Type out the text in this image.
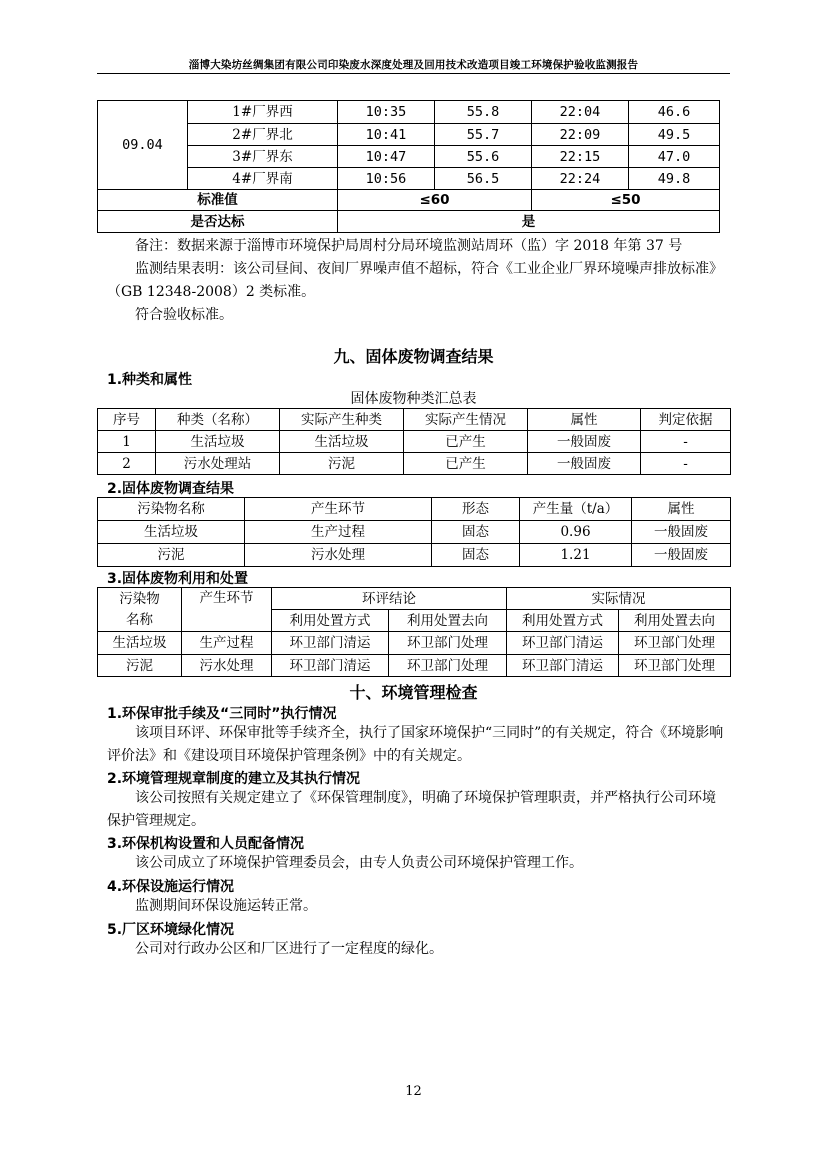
淄博大染坊丝绸集团有限公司印染废水深度处理及回用技术改造项目竣工环境保护验收监测报告
09.04	1#厂界西	10:35	55.8	22:04	46.6
	2#厂界北	10:41	55.7	22:09	49.5
	3#厂界东	10:47	55.6	22:15	47.0
	4#厂界南	10:56	56.5	22:24	49.8
标准值		≤60		≤50	
是否达标		是			
备注：数据来源于淄博市环境保护局周村分局环境监测站周环（监）字 2018 年第 37 号
监测结果表明：该公司昼间、夜间厂界噪声值不超标，符合《工业企业厂界环境噪声排放标准》（GB 12348-2008）2 类标准。
符合验收标准。
九、固体废物调查结果
1.种类和属性
固体废物种类汇总表
序号	种类（名称）	实际产生种类	实际产生情况	属性	判定依据
1	生活垃圾	生活垃圾	已产生	一般固废	-
2	污水处理站	污泥	已产生	一般固废	-
2.固体废物调查结果
污染物名称	产生环节	形态	产生量（t/a）	属性
生活垃圾	生产过程	固态	0.96	一般固废
污泥	污水处理	固态	1.21	一般固废
3.固体废物利用和处置
污染物
名称	产生环节	环评结论		实际情况	
		利用处置方式	利用处置去向	利用处置方式	利用处置去向
生活垃圾	生产过程	环卫部门清运	环卫部门处理	环卫部门清运	环卫部门处理
污泥	污水处理	环卫部门清运	环卫部门处理	环卫部门清运	环卫部门处理
十、环境管理检查
1.环保审批手续及“三同时”执行情况
该项目环评、环保审批等手续齐全，执行了国家环境保护“三同时”的有关规定，符合《环境影响评价法》和《建设项目环境保护管理条例》中的有关规定。
2.环境管理规章制度的建立及其执行情况
该公司按照有关规定建立了《环保管理制度》，明确了环境保护管理职责，并严格执行公司环境保护管理规定。
3.环保机构设置和人员配备情况
该公司成立了环境保护管理委员会，由专人负责公司环境保护管理工作。
4.环保设施运行情况
监测期间环保设施运转正常。
5.厂区环境绿化情况
公司对行政办公区和厂区进行了一定程度的绿化。
12
